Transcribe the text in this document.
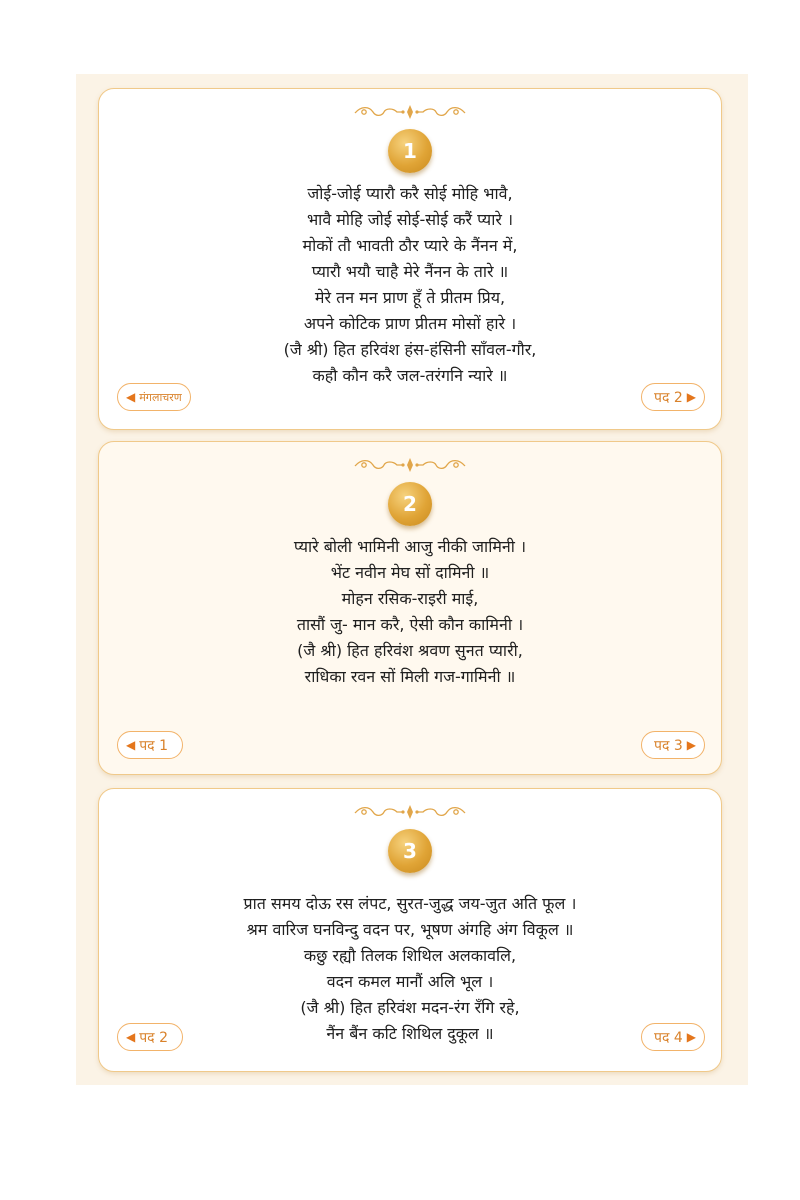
1
जोई-जोई प्यारौ करै सोई मोहि भावै,
भावै मोहि जोई सोई-सोई करैं प्यारे ।
मोकों तौ भावती ठौर प्यारे के नैंनन में,
प्यारौ भयौ चाहै मेरे नैंनन के तारे ॥
मेरे तन मन प्राण हूँ ते प्रीतम प्रिय,
अपने कोटिक प्राण प्रीतम मोसों हारे ।
(जै श्री) हित हरिवंश हंस-हंसिनी साँवल-गौर,
कहौ कौन करै जल-तरंगनि न्यारे ॥
◀ मंगलाचरण	पद 2 ▶
2
प्यारे बोली भामिनी आजु नीकी जामिनी ।
भेंट नवीन मेघ सों दामिनी ॥
मोहन रसिक-राइरी माई,
तासौं जु- मान करै, ऐसी कौन कामिनी ।
(जै श्री) हित हरिवंश श्रवण सुनत प्यारी,
राधिका रवन सों मिली गज-गामिनी ॥
◀ पद 1	पद 3 ▶
3
प्रात समय दोऊ रस लंपट, सुरत-जुद्ध जय-जुत अति फूल ।
श्रम वारिज घनविन्दु वदन पर, भूषण अंगहि अंग विकूल ॥
कछु रह्यौ तिलक शिथिल अलकावलि,
वदन कमल मानौं अलि भूल ।
(जै श्री) हित हरिवंश मदन-रंग रँगि रहे,
नैंन बैंन कटि शिथिल दुकूल ॥
◀ पद 2	पद 4 ▶
